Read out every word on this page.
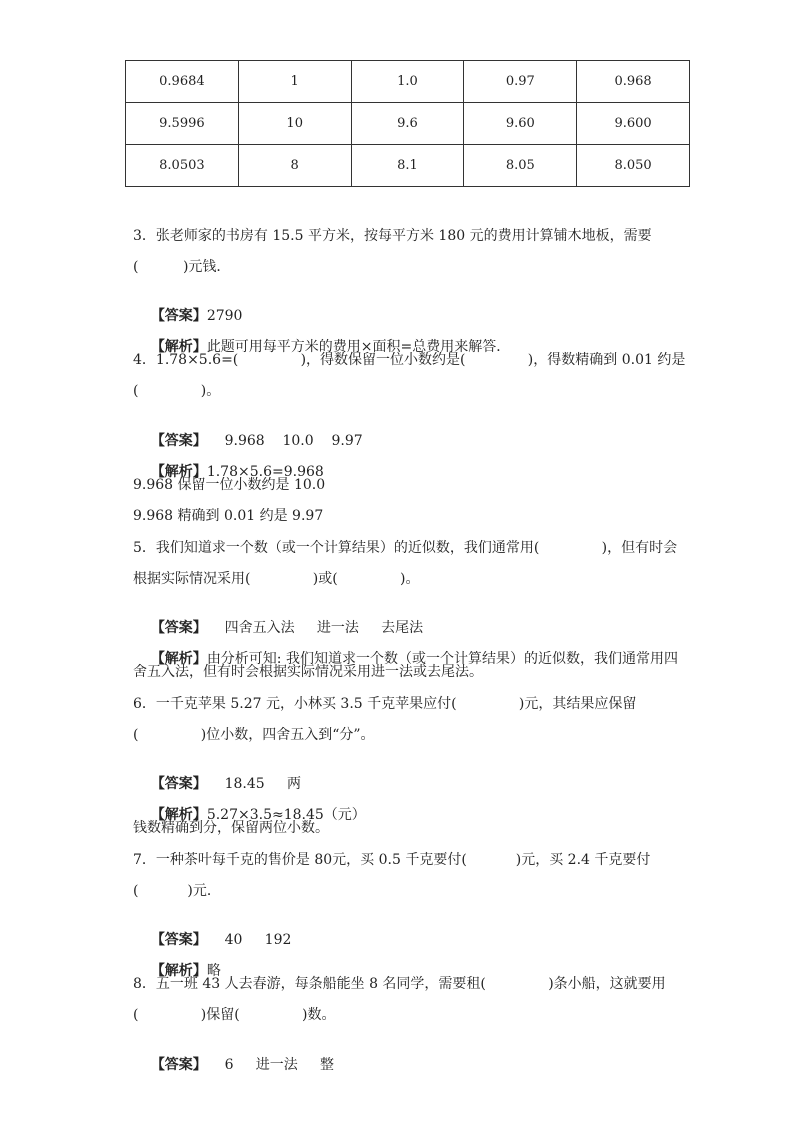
0.9684	1	1.0	0.97	0.968
9.5996	10	9.6	9.60	9.600
8.0503	8	8.1	8.05	8.050
3．张老师家的书房有 15.5 平方米，按每平方米 180 元的费用计算铺木地板，需要
(          )元钱．

【答案】2790

【解析】此题可用每平方米的费用×面积=总费用来解答．

4．1.78×5.6=(              )，得数保留一位小数约是(              )，得数精确到 0.01 约是
(              )。

【答案】    9.968    10.0    9.97

【解析】1.78×5.6=9.968

9.968 保留一位小数约是 10.0
9.968 精确到 0.01 约是 9.97
5．我们知道求一个数（或一个计算结果）的近似数，我们通常用(              )，但有时会
根据实际情况采用(              )或(              )。

【答案】    四舍五入法     进一法     去尾法

【解析】由分析可知: 我们知道求一个数（或一个计算结果）的近似数，我们通常用四

舍五入法，但有时会根据实际情况采用进一法或去尾法。
6．一千克苹果 5.27 元，小林买 3.5 千克苹果应付(              )元，其结果应保留
(              )位小数，四舍五入到“分”。

【答案】    18.45     两

【解析】5.27×3.5≈18.45（元）

钱数精确到分，保留两位小数。
7．一种茶叶每千克的售价是 80元，买 0.5 千克要付(           )元，买 2.4 千克要付
(           )元．

【答案】    40     192

【解析】略

8．五一班 43 人去春游，每条船能坐 8 名同学，需要租(              )条小船，这就要用
(              )保留(              )数。

【答案】    6     进一法     整
